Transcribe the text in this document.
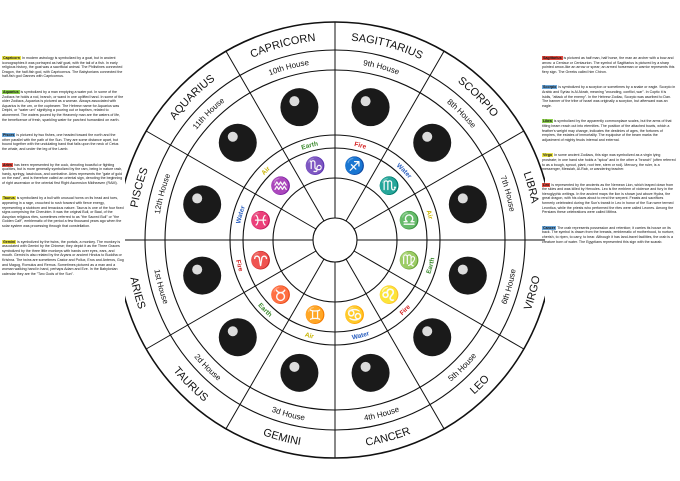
Capricorn In modern astrology is symbolized by a goat, but in ancient iconographies it was portrayed as half goat, with the tail of a fish. In early religious history, the goat was a sacrificial animal. The Philistines connected Dragon, the half-fish god, with Capricornus. The Babylonians connected the half-fish god Oannes with Capricornus.

Aquarius is symbolized by a man emptying a water pot. In some of the Zodiacs he holds a rod, branch, or wand in one uplifted hand. In some of the older Zodiacs, Aquarius is pictured as a woman. Always associated with Aquarius is the urn, or the cupbearer. The Hebrew name for Aquarius was Delphi, or "water urn" signifying a pouring out or baptism, related to atonement. The waters poured by the Heavenly man are the waters of life, the beneficence of fresh, sparkling water for parched humankind on earth.

Pisces is pictured by two fishes, one headed toward the north and the other parallel with the path of the Sun. They are some distance apart, but bound together with the undulating band that falls upon the neck of Cetus the whale, and under the leg of the Lamb.

Aries has been represented by the cock, denoting boastful or fighting qualities, but is more generally symbolized by the ram, being in nature rash, hardy, springy, lascivious, and combative. Aries represents the "gate of gold on the east", and is therefore called an oriental sign, denoting the beginning of right ascension or the oriental first Right Ascension Midheaven (RAM).

Taurus is symbolized by a bull with unusual horns on its head and toes, appearing in a rage, crouched to rush forward with fierce energy, representing a stubborn and tenacious nature. Taurus is one of the four fixed signs comprising the Cherubim. It was the original Bull, or Baal, of the Assyrian religious rites, sometimes referred to as "the Sacred Bull" or "the Golden Calf", emblematic of the period a few thousand years ago when the solar system was processing through that constellation.

Gemini is symbolized by the twins, the portals, a monkey. The monkey is associated with Gemini by the Chinese; they depict it as the Three Graces symbolized by the three little monkeys with hands over eyes, ears, and mouth. Gemini is also related by the Aryans or ancient Hindus to Buddha or Krishna. The twins are sometimes Castor and Pollux, Eros and Anteros, Gog and Magog, Romulus and Remus. Sometimes pictured as a man and a woman walking hand in hand, perhaps Adam and Eve. In the Babylonian calendar they are the "Two Gods of the Sun".

Sagittarius is pictured as half man, half horse, the man an archer with a bow and arrow: a Centaur or Centaurion. The symbol of Sagittarius is pictured by a sharp pointed arrow-like an arrow or spear; an armed horseman or warrior represents this fiery sign. The Greeks called him Chiron.

Scorpio is symbolized by a scorpion or sometimes by a snake or eagle. Scorpio in Arabic and Syriac is Al Akrab, meaning "wounding, conflict, war". In Coptic it is Isidis, "attack of the enemy". In the Hebrew Zodiac, Scorpio was ascribed to Dan. The banner of the tribe of Israel was originally a scorpion, but afterward was an eagle.

Libra is symbolized by the apparently commonplace scales, but the arms of that tilting beam reach out into eternities. The position of the attached bowls, which a feather's weight may change, indicates the destinies of ages, the fortunes of empires, the estates of immortality. The equipoise of the beam marks the adjustment of mighty feuds internal and external.

Virgo In some ancient Zodiacs, this sign was symbolized as a virgin lying prostrate; in one hand she holds a "spica" and in the other a "branch" (often referred to as a bough, sprout, plant, root tree, stem or rod). Mercury, the ruler, is a messenger, Messiah, Al-Rab, or wandering teacher.

Leo is represented by the ancients as the Nemean Lion, which leaped down from the skies and was killed by Hercules. Leo is the emblem of violence and fury in the hieroglyphic writings. In the ancient maps the lion is shown just above Hydra, the great dragon, with his claws about to rend the serpent. Feasts and sacrifices formerly celebrated during the Sun's transit in Leo in honor of the Sun were termed Leontica, while the priests who performed the rites were called Leones. Among the Persians these celebrations were called Mithra.

Cancer The crab represents possession and retention; it carries its house on its back. The symbol is drawn from the breasts, emblematic of motherhood, to nurture, cherish, to ripen, to carry, to bear. Although it has land-travel facilities, the crab is a creature born of water. The Egyptians represented this sign with the scarab.

CAPRICORN
10th House
Earth
♑
SAGITTARIUS
9th House
Fire
♐
SCORPIO
8th House
Water
♏
LIBRA
7th House
Air
♎
VIRGO
6th House
Earth
♍
LEO
5th House
Fire
♌
CANCER
4th House
Water
♋
GEMINI
3d House
Air
♊
TAURUS
2d House
Earth
♉
ARIES
1st House
Fire ♈
PISCES
12th House
Water
♓
AQUARIUS
11th House
Air
♒
